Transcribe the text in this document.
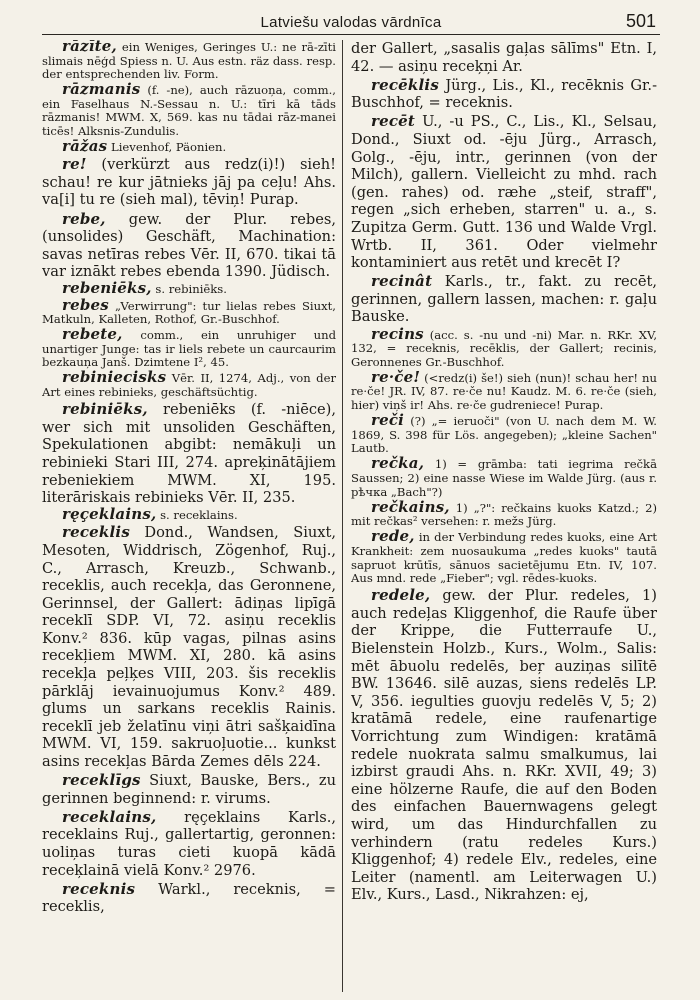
Latviešu valodas vārdnīca	501

rāzīte, ein Weniges, Geringes U.: ne rā-zīti slimais nēģd Spiess n. U. Aus estn. räz dass. resp. der entsprechenden liv. Form.

rāzmanis (f. -ne), auch rāzuoņa, comm., ein Faselhaus N.-Sessau n. U.: tīri kā tāds rāzmanis! MWM. X, 569. kas nu tādai rāz-manei ticēs! Alksnis-Zundulis.

rāžas Lievenhof, Päonien.

re! (verkürzt aus redz(i)!) sieh! schau! re kur jātnieks jāj pa ceļu! Ahs. va[i] tu re (sieh mal), tēviņ! Purap.

rebe, gew. der Plur. rebes, (unsolides) Geschäft, Machination: savas netīras rebes Vēr. II, 670. tikai tā var iznākt rebes ebenda 1390. Jüdisch.

rebeniēks, s. rebiniēks.

rebes „Verwirrung": tur lielas rebes Siuxt, Matkuln, Kalleten, Rothof, Gr.-Buschhof.

rebete, comm., ein unruhiger und unartiger Junge: tas ir liels rebete un caurcaurim bezkauņa Janš. Dzimtene I², 45.

rebiniecisks Vēr. II, 1274, Adj., von der Art eines rebinieks, geschäftsüchtig.

rebiniēks, rebeniēks (f. -niēce), wer sich mit unsoliden Geschäften, Spekulationen abgibt: nemākuļi un rebinieki Stari III, 274. apreķinātājiem rebeniekiem MWM. XI, 195. literāriskais rebinieks Vēr. II, 235.

ręçeklains, s. receklains.

receklis Dond., Wandsen, Siuxt, Mesoten, Widdrisch, Zögenhof, Ruj., C., Arrasch, Kreuzb., Schwanb., receklis, auch recekļa, das Geronnene, Gerinnsel, der Gallert: ādiņas lipīgā receklī SDP. VI, 72. asiņu receklis Konv.² 836. kūp vagas, pilnas asins recekļiem MWM. XI, 280. kā asins recekļa peļķes VIII, 203. šis receklis pārklāj ievainuojumus Konv.² 489. glums un sarkans receklis Rainis. receklī jeb želatīnu viņi ātri sašķaidīna MWM. VI, 159. sakruoļuotie... kunkst asins recekļas Bārda Zemes dēls 224.

receklīgs Siuxt, Bauske, Bers., zu gerinnen beginnend: r. virums.

receklains, ręçeklains Karls., receklains Ruj., gallertartig, geronnen: uoliņas turas cieti kuopā kādā receķlainā vielā Konv.² 2976.

receknis Warkl., receknis, = receklis,

der Gallert, „sasalis gaļas sālīms" Etn. I, 42. — asiņu receķņi Ar.

recēklis Jürg., Lis., Kl., recēknis Gr.-Buschhof, = receknis.

recēt U., -u PS., C., Lis., Kl., Selsau, Dond., Siuxt od. -ēju Jürg., Arrasch, Golg., -ēju, intr., gerinnen (von der Milch), gallern. Vielleicht zu mhd. rach (gen. rahes) od. ræhe „steif, straff", regen „sich erheben, starren" u. a., s. Zupitza Germ. Gutt. 136 und Walde Vrgl. Wrtb. II, 361. Oder vielmehr kontaminiert aus retēt und krecēt I?

recinât Karls., tr., fakt. zu recēt, gerinnen, gallern lassen, machen: r. gaļu Bauske.

recins (acc. s. -nu und -ni) Mar. n. RKr. XV, 132, = receknis, recēklis, der Gallert; recinis, Geronnenes Gr.-Buschhof.

re·če! (<redz(i) še!) sieh (nun)! schau her! nu re·če! JR. IV, 87. re·če nu! Kaudz. M. 6. re·če (sieh, hier) viņš ir! Ahs. re·če gudreniece! Purap.

reči (?) „= ieruoči" (von U. nach dem M. W. 1869, S. 398 für Lös. angegeben); „kleine Sachen" Lautb.

rečka, 1) = grāmba: tati iegrima rečkā Saussen; 2) eine nasse Wiese im Walde Jürg. (aus r. рѣчка „Bach"?)

rečkains, 1) „?": rečkains kuoks Katzd.; 2) mit rečkas² versehen: r. mežs Jürg.

rede, in der Verbindung redes kuoks, eine Art Krankheit: zem nuosaukuma „redes kuoks" tautā sapruot krūtīs, sānuos sacietējumu Etn. IV, 107. Aus mnd. rede „Fieber"; vgl. rēdes-kuoks.

redele, gew. der Plur. redeles, 1) auch redeļas Kliggenhof, die Raufe über der Krippe, die Futterraufe U., Bielenstein Holzb., Kurs., Wolm., Salis: mēt ābuolu redelēs, beŗ auziņas silītē BW. 13646. silē auzas, siens redelēs LP. V, 356. iegulties guovju redelēs V, 5; 2) kratāmā redele, eine raufenartige Vorrichtung zum Windigen: kratāmā redele nuokrata salmu smalkumus, lai izbirst graudi Ahs. n. RKr. XVII, 49; 3) eine hölzerne Raufe, die auf den Boden des einfachen Bauernwagens gelegt wird, um das Hindurchfallen zu verhindern (ratu redeles Kurs.) Kliggenhof; 4) redele Elv., redeles, eine Leiter (namentl. am Leiterwagen U.) Elv., Kurs., Lasd., Nikrahzen: ej,
